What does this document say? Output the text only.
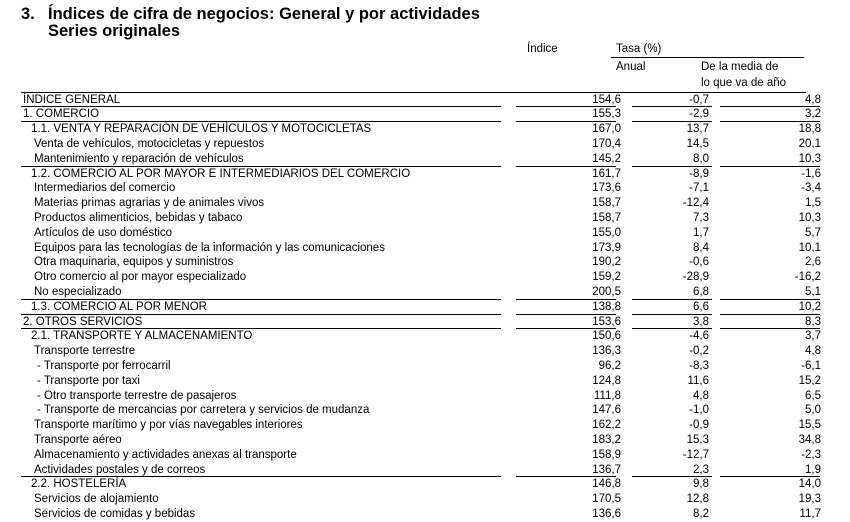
3. Índices de cifra de negocios: General y por actividades
Series originales
Índice	Tasa (%)
Anual	De la media de
lo que va de año
ÍNDICE GENERAL	154,6	-0,7	4,8
1. COMERCIO	155,3	-2,9	3,2
1.1. VENTA Y REPARACIÓN DE VEHÍCULOS Y MOTOCICLETAS	167,0	13,7	18,8
Venta de vehículos, motocicletas y repuestos	170,4	14,5	20,1
Mantenimiento y reparación de vehículos	145,2	8,0	10,3
1.2. COMERCIO AL POR MAYOR E INTERMEDIARIOS DEL COMERCIO	161,7	-8,9	-1,6
Intermediarios del comercio	173,6	-7,1	-3,4
Materias primas agrarias y de animales vivos	158,7	-12,4	1,5
Productos alimenticios, bebidas y tabaco	158,7	7,3	10,3
Artículos de uso doméstico	155,0	1,7	5,7
Equipos para las tecnologías de la información y las comunicaciones	173,9	8,4	10,1
Otra maquinaria, equipos y suministros	190,2	-0,6	2,6
Otro comercio al por mayor especializado	159,2	-28,9	-16,2
No especializado	200,5	6,8	5,1
1.3. COMERCIO AL POR MENOR	138,8	6,6	10,2
2. OTROS SERVICIOS	153,6	3,8	8,3
2.1. TRANSPORTE Y ALMACENAMIENTO	150,6	-4,6	3,7
Transporte terrestre	136,3	-0,2	4,8
- Transporte por ferrocarril	96,2	-8,3	-6,1
- Transporte por taxi	124,8	11,6	15,2
- Otro transporte terrestre de pasajeros	111,8	4,8	6,5
- Transporte de mercancias por carretera y servicios de mudanza	147,6	-1,0	5,0
Transporte marítimo y por vías navegables interiores	162,2	-0,9	15,5
Transporte aéreo	183,2	15,3	34,8
Almacenamiento y actividades anexas al transporte	158,9	-12,7	-2,3
Actividades postales y de correos	136,7	2,3	1,9
2.2. HOSTELERÍA	146,8	9,8	14,0
Servicios de alojamiento	170,5	12,8	19,3
Servicios de comidas y bebidas	136,6	8,2	11,7
